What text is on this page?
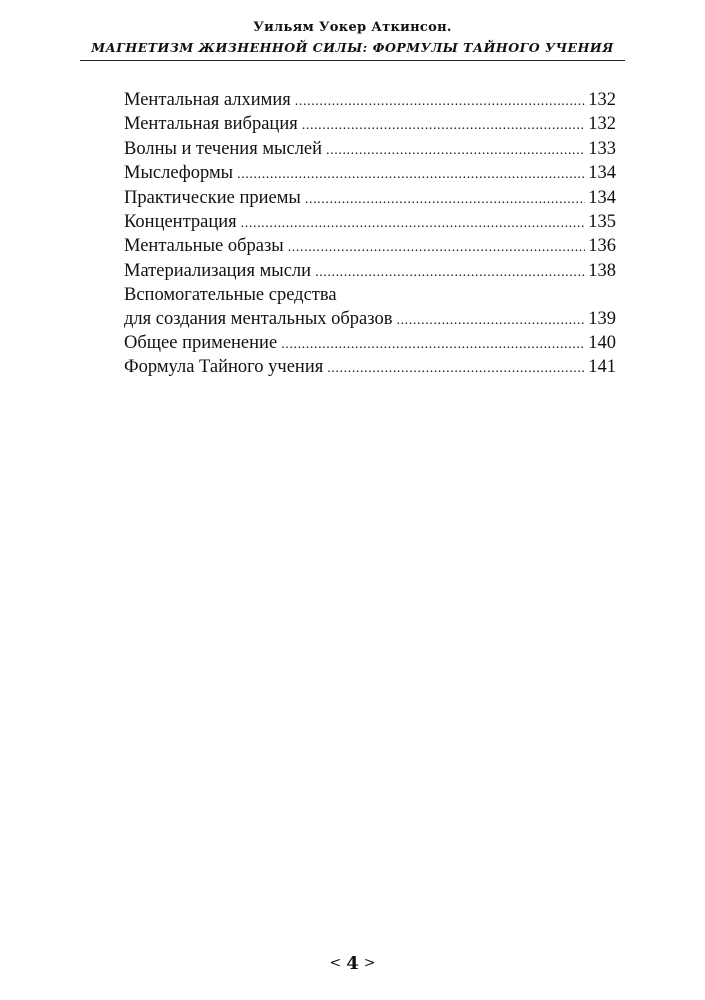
Уильям Уокер Аткинсон.
МАГНЕТИЗМ ЖИЗНЕННОЙ СИЛЫ: ФОРМУЛЫ ТАЙНОГО УЧЕНИЯ
Ментальная алхимия .....	132
Ментальная вибрация .....	132
Волны и течения мыслей .....	133
Мыслеформы .....	134
Практические приемы .....	134
Концентрация .....	135
Ментальные образы .....	136
Материализация мысли .....	138
Вспомогательные средства
для создания ментальных образов .....	139
Общее применение .....	140
Формула Тайного учения .....	141
< 4 >
